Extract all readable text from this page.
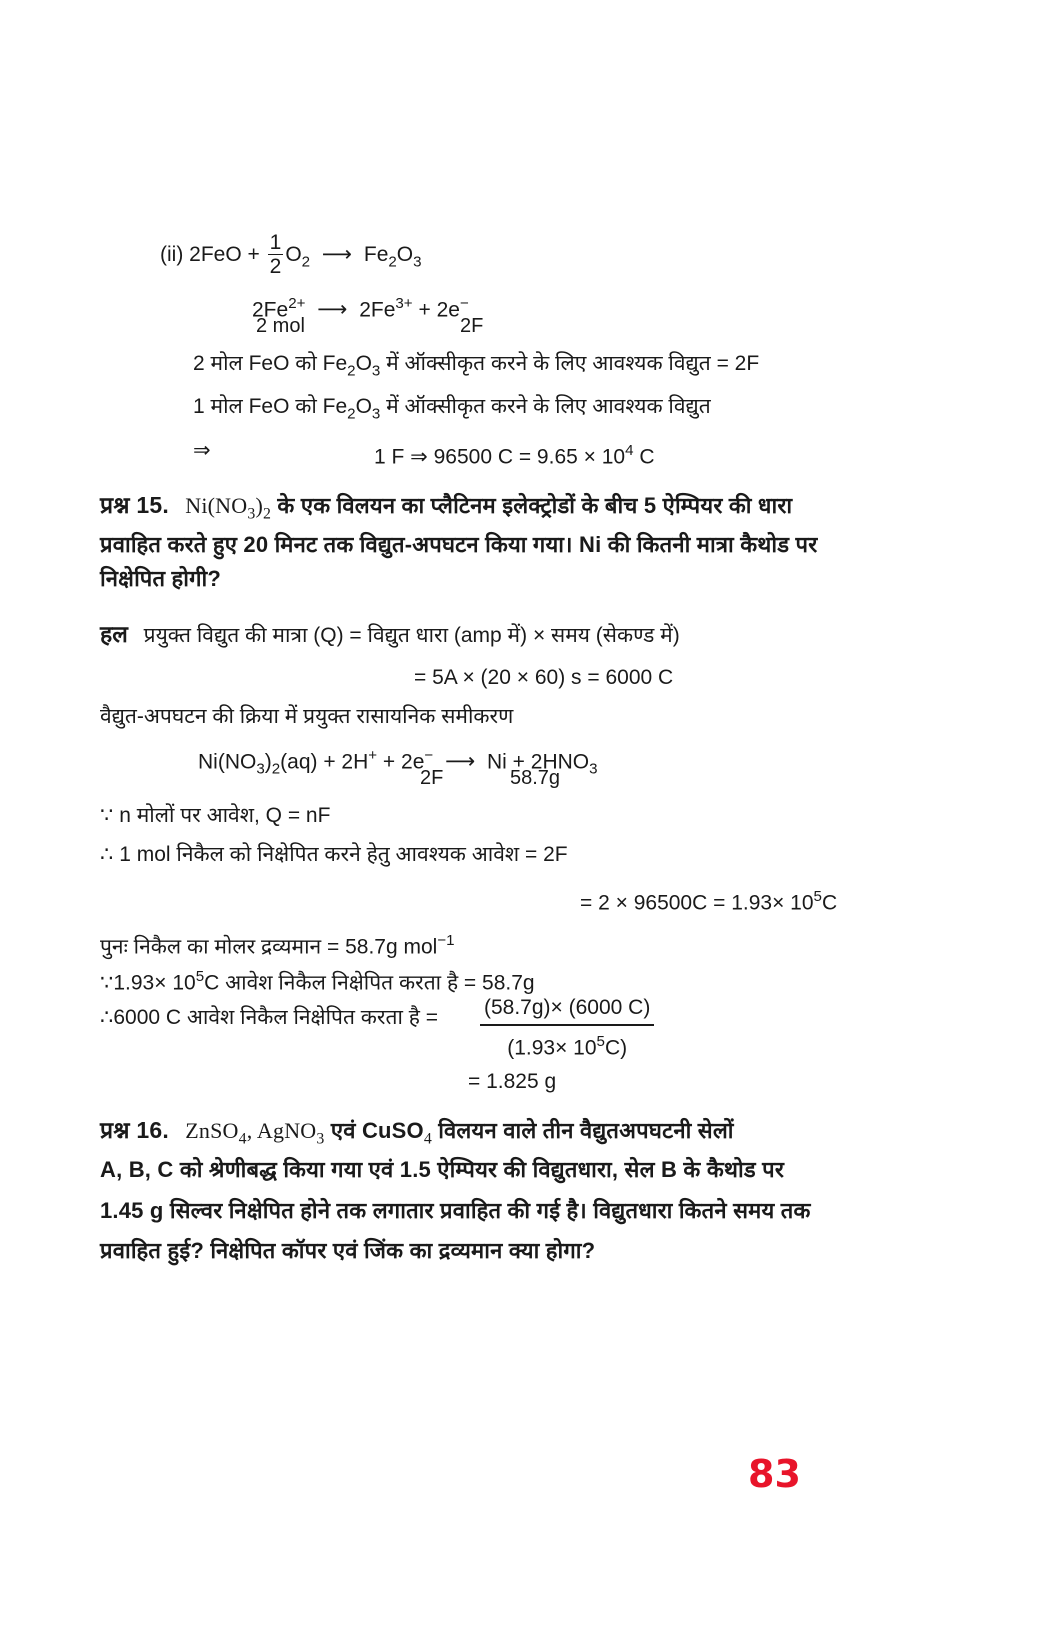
(ii) $2FeO + \frac{1}{2} O_2$ ⟶ $Fe_2O_3$
$2Fe^{2+}$ ⟶ $2Fe^{3+} + 2e^-$
2 mol	2F
2 मोल FeO को $Fe_2O_3$ में ऑक्सीकृत करने के लिए आवश्यक विद्युत = 2F
1 मोल FeO को $Fe_2O_3$ में ऑक्सीकृत करने के लिए आवश्यक विद्युत
⇒	1 F ⇒ 96500 $C = 9.65 \times 10^4$ C
प्रश्न 15. $Ni(NO_3)_2$ के एक विलयन का प्लैटिनम इलेक्ट्रोडों के बीच 5 ऐम्पियर की धारा
प्रवाहित करते हुए 20 मिनट तक विद्युत-अपघटन किया गया। Ni की कितनी मात्रा कैथोड पर
निक्षेपित होगी?
हल प्रयुक्त विद्युत की मात्रा (Q) = विद्युत धारा (amp में) × समय (सेकण्ड में)
= 5A × (20 × 60) s = 6000 C
वैद्युत-अपघटन की क्रिया में प्रयुक्त रासायनिक समीकरण
$Ni(NO_3)_2(aq) + 2H^+ + 2e^-$ ⟶ $Ni + 2HNO_3$
2F	58.7g
∵ n मोलों पर आवेश, Q = nF
∴ 1 mol निकैल को निक्षेपित करने हेतु आवश्यक आवेश = 2F
= $2 \times 96500C = 1.93\times 10^5C$
पुनः निकैल का मोलर द्रव्यमान = 58.7g mol$^{-1}$
∵1.93× $10^5C$ आवेश निकैल निक्षेपित करता है = 58.7g
∴6000 C आवेश निकैल निक्षेपित करता है = $\frac{(58.7g)\times (6000 C)}{(1.93\times 10^5C)}$
= 1.825 g
प्रश्न 16. ZnSO$_4$, AgNO$_3$ एवं CuSO$_4$ विलयन वाले तीन वैद्युतअपघटनी सेलों
A, B, C को श्रेणीबद्ध किया गया एवं 1.5 ऐम्पियर की विद्युतधारा, सेल B के कैथोड पर
1.45 g सिल्वर निक्षेपित होने तक लगातार प्रवाहित की गई है। विद्युतधारा कितने समय तक
प्रवाहित हुई? निक्षेपित कॉपर एवं जिंक का द्रव्यमान क्या होगा?
83
